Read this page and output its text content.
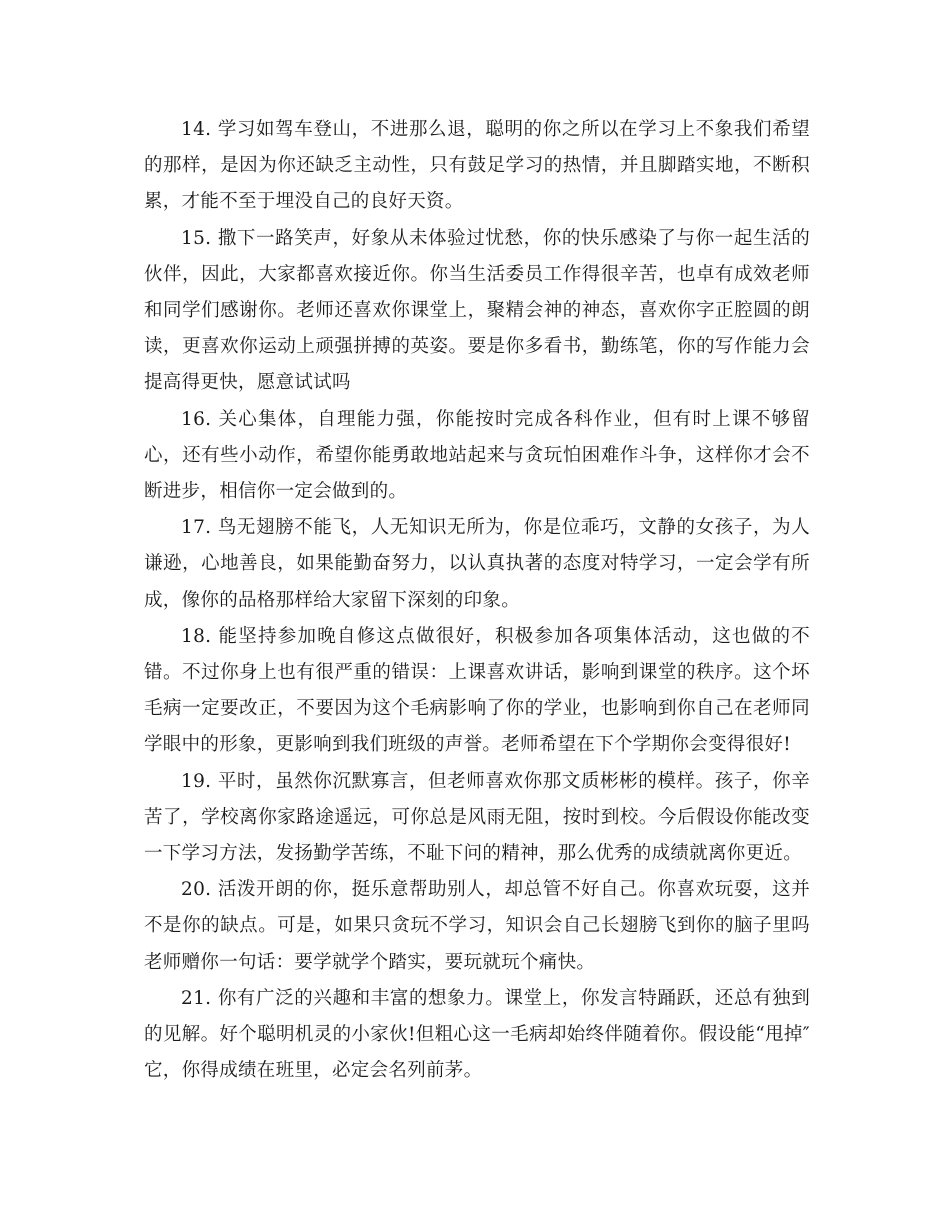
14. 学习如驾车登山，不进那么退，聪明的你之所以在学习上不象我们希望的那样，是因为你还缺乏主动性，只有鼓足学习的热情，并且脚踏实地，不断积累，才能不至于埋没自己的良好天资。

15. 撒下一路笑声，好象从未体验过忧愁，你的快乐感染了与你一起生活的伙伴，因此，大家都喜欢接近你。你当生活委员工作得很辛苦，也卓有成效老师和同学们感谢你。老师还喜欢你课堂上，聚精会神的神态，喜欢你字正腔圆的朗读，更喜欢你运动上顽强拼搏的英姿。要是你多看书，勤练笔，你的写作能力会提高得更快，愿意试试吗

16. 关心集体，自理能力强，你能按时完成各科作业，但有时上课不够留心，还有些小动作，希望你能勇敢地站起来与贪玩怕困难作斗争，这样你才会不断进步，相信你一定会做到的。

17. 鸟无翅膀不能飞，人无知识无所为，你是位乖巧，文静的女孩子，为人谦逊，心地善良，如果能勤奋努力，以认真执著的态度对特学习，一定会学有所成，像你的品格那样给大家留下深刻的印象。

18. 能坚持参加晚自修这点做很好，积极参加各项集体活动，这也做的不错。不过你身上也有很严重的错误：上课喜欢讲话，影响到课堂的秩序。这个坏毛病一定要改正，不要因为这个毛病影响了你的学业，也影响到你自己在老师同学眼中的形象，更影响到我们班级的声誉。老师希望在下个学期你会变得很好!

19. 平时，虽然你沉默寡言，但老师喜欢你那文质彬彬的模样。孩子，你辛苦了，学校离你家路途遥远，可你总是风雨无阻，按时到校。今后假设你能改变一下学习方法，发扬勤学苦练，不耻下问的精神，那么优秀的成绩就离你更近。

20. 活泼开朗的你，挺乐意帮助别人，却总管不好自己。你喜欢玩耍，这并不是你的缺点。可是，如果只贪玩不学习，知识会自己长翅膀飞到你的脑子里吗老师赠你一句话：要学就学个踏实，要玩就玩个痛快。

21. 你有广泛的兴趣和丰富的想象力。课堂上，你发言特踊跃，还总有独到的见解。好个聪明机灵的小家伙!但粗心这一毛病却始终伴随着你。假设能“甩掉″它，你得成绩在班里，必定会名列前茅。
